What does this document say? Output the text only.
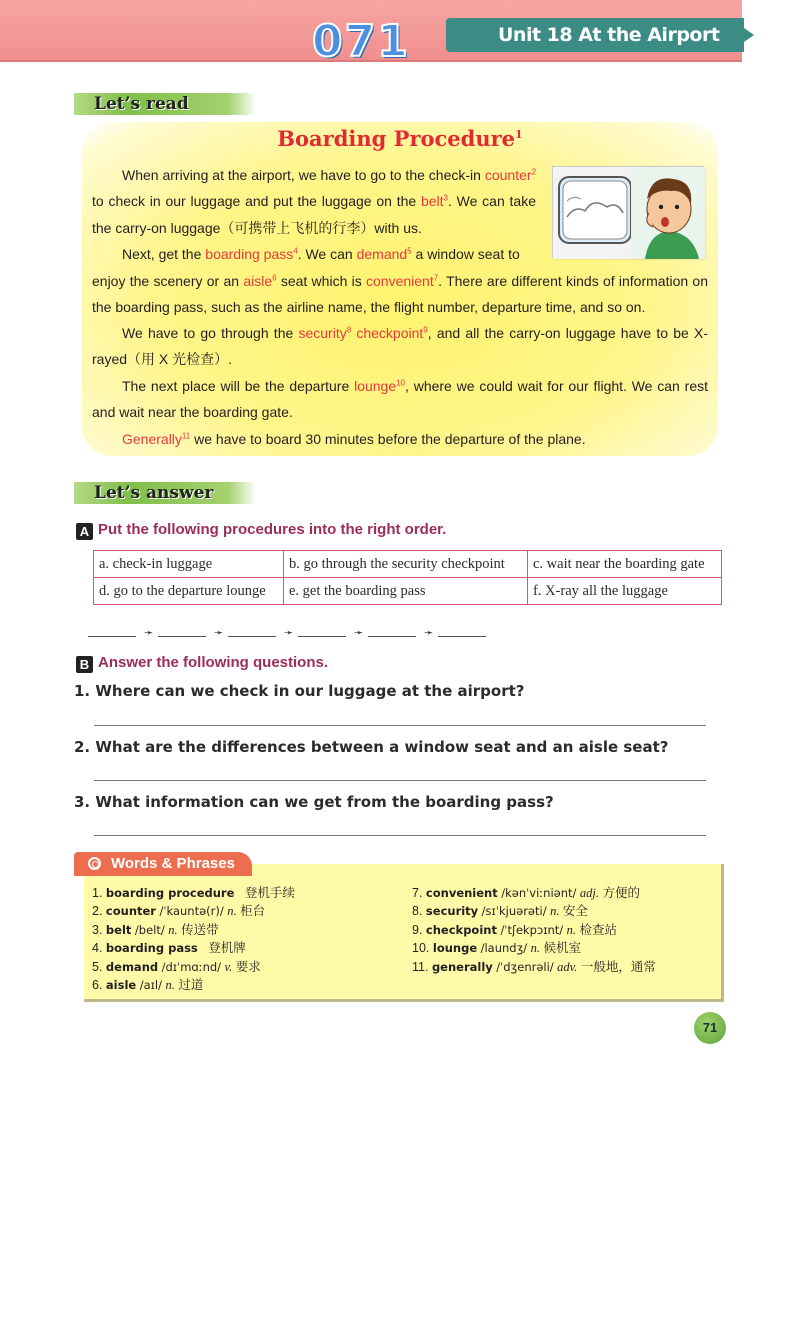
071	Unit 18 At the Airport
Let’s read
Boarding Procedure$^1$
When arriving at the airport, we have to go to the check-in counter$^2$ to check in our luggage and put the luggage on the belt$^3$. We can take the carry-on luggage（可携带上飞机的行李）with us.
Next, get the boarding pass$^4$. We can demand$^5$ a window seat to
enjoy the scenery or an aisle$^6$ seat which is convenient$^7$. There are different kinds of information on the boarding pass, such as the airline name, the flight number, departure time, and so on.
We have to go through the security$^8$ checkpoint$^9$, and all the carry-on luggage have to be X-rayed（用 X 光检查）.
The next place will be the departure lounge$^{10}$, where we could wait for our flight. We can rest and wait near the boarding gate.
Generally$^{11}$ we have to board 30 minutes before the departure of the plane.
Let’s answer
A Put the following procedures into the right order.
a. check-in luggage	b. go through the security checkpoint	c. wait near the boarding gate
d. go to the departure lounge	e. get the boarding pass	f. X-ray all the luggage
➛	➛	➛	➛	➛
B Answer the following questions.
1. Where can we check in our luggage at the airport?
2. What are the differences between a window seat and an aisle seat?
3. What information can we get from the boarding pass?
Words & Phrases
1. boarding procedure 登机手续
2. counter /ˈkauntə(r)/ n. 柜台
3. belt /belt/ n. 传送带
4. boarding pass 登机牌
5. demand /dɪˈmɑːnd/ v. 要求
6. aisle /aɪl/ n. 过道
7. convenient /kənˈviːniənt/ adj. 方便的
8. security /sɪˈkjuərəti/ n. 安全
9. checkpoint /ˈtʃekpɔɪnt/ n. 检查站
10. lounge /laundʒ/ n. 候机室
11. generally /ˈdʒenrəli/ adv. 一般地，通常
71
